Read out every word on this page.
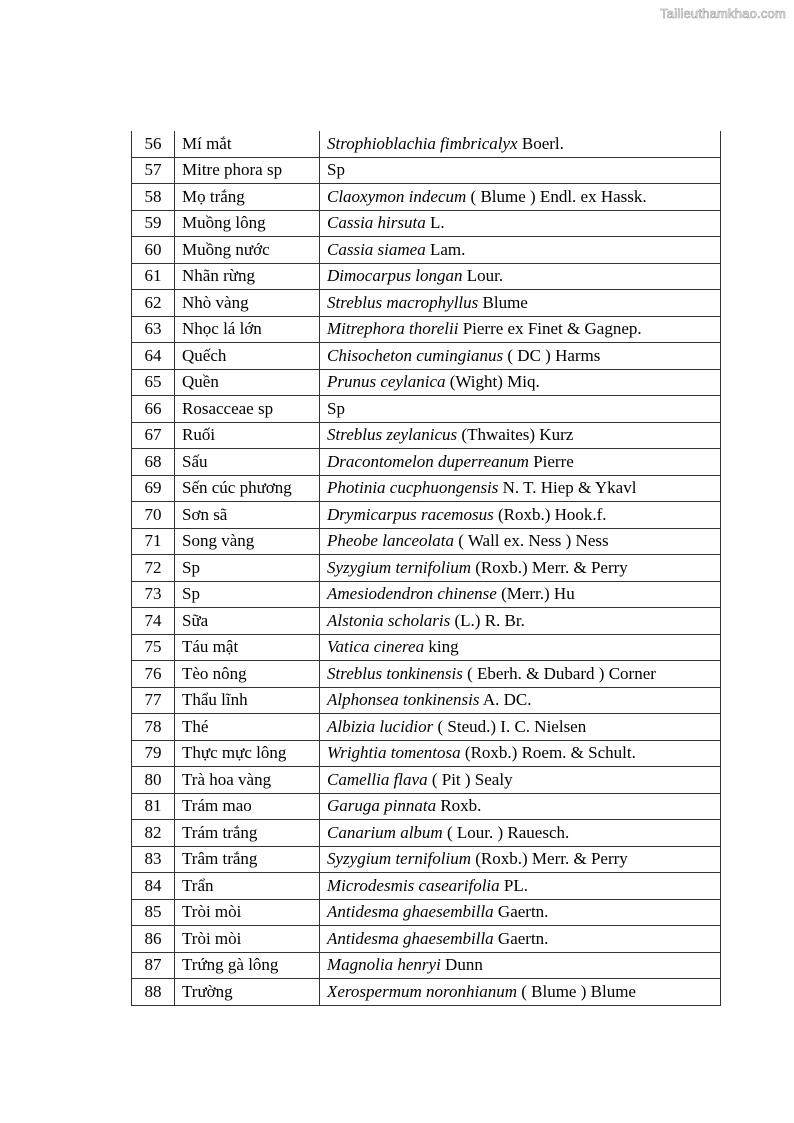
Tailieuthamkhao.com
56	Mí mắt	Strophioblachia fimbricalyx Boerl.
57	Mitre phora sp	Sp
58	Mọ trắng	Claoxymon indecum ( Blume ) Endl. ex Hassk.
59	Muồng lông	Cassia hirsuta L.
60	Muồng nước	Cassia siamea Lam.
61	Nhãn rừng	Dimocarpus longan Lour.
62	Nhò vàng	Streblus macrophyllus Blume
63	Nhọc lá lớn	Mitrephora thorelii Pierre ex Finet & Gagnep.
64	Quếch	Chisocheton cumingianus ( DC ) Harms
65	Quền	Prunus ceylanica (Wight) Miq.
66	Rosacceae sp	Sp
67	Ruối	Streblus zeylanicus (Thwaites) Kurz
68	Sấu	Dracontomelon duperreanum Pierre
69	Sến cúc phương	Photinia cucphuongensis N. T. Hiep & Ykavl
70	Sơn sã	Drymicarpus racemosus (Roxb.) Hook.f.
71	Song vàng	Pheobe lanceolata ( Wall ex. Ness ) Ness
72	Sp	Syzygium ternifolium (Roxb.) Merr. & Perry
73	Sp	Amesiodendron chinense (Merr.) Hu
74	Sữa	Alstonia scholaris (L.) R. Br.
75	Táu mật	Vatica cinerea king
76	Tèo nông	Streblus tonkinensis ( Eberh. & Dubard ) Corner
77	Thẩu lĩnh	Alphonsea tonkinensis A. DC.
78	Thé	Albizia lucidior ( Steud.) I. C. Nielsen
79	Thực mực lông	Wrightia tomentosa (Roxb.) Roem. & Schult.
80	Trà hoa vàng	Camellia flava ( Pit ) Sealy
81	Trám mao	Garuga pinnata Roxb.
82	Trám trắng	Canarium album ( Lour. ) Rauesch.
83	Trâm trắng	Syzygium ternifolium (Roxb.) Merr. & Perry
84	Trẩn	Microdesmis casearifolia PL.
85	Tròi mòi	Antidesma ghaesembilla Gaertn.
86	Tròi mòi	Antidesma ghaesembilla Gaertn.
87	Trứng gà lông	Magnolia henryi Dunn
88	Trường	Xerospermum noronhianum ( Blume ) Blume
